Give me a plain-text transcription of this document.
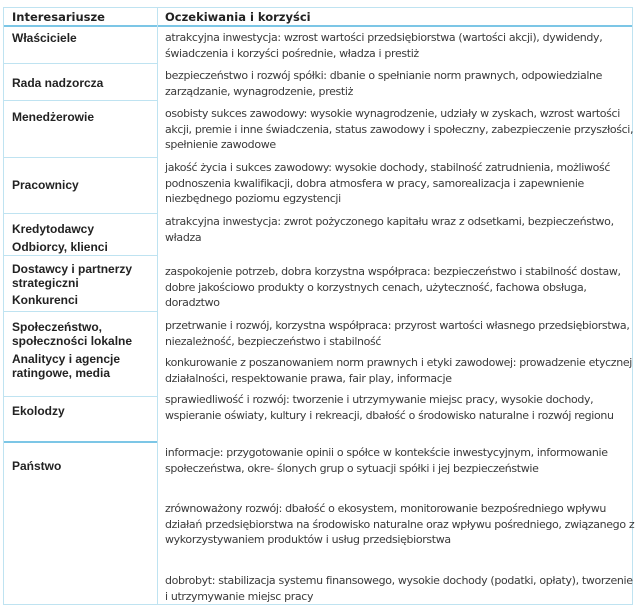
Interesariusze	Oczekiwania i korzyści
Właściciele
Rada nadzorcza
Menedżerowie
Pracownicy
Kredytodawcy
Odbiorcy, klienci
Dostawcy i partnerzy strategiczni
Konkurenci
Społeczeństwo, społeczności lokalne
Analitycy i agencje ratingowe, media
Ekolodzy
Państwo
atrakcyjna inwestycja: wzrost wartości przedsiębiorstwa (wartości akcji), dywidendy, świadczenia i korzyści pośrednie, władza i prestiż
bezpieczeństwo i rozwój spółki: dbanie o spełnianie norm prawnych, odpowiedzialne zarządzanie, wynagrodzenie, prestiż
osobisty sukces zawodowy: wysokie wynagrodzenie, udziały w zyskach, wzrost wartości akcji, premie i inne świadczenia, status zawodowy i społeczny, zabezpieczenie przyszłości, spełnienie zawodowe
jakość życia i sukces zawodowy: wysokie dochody, stabilność zatrudnienia, możliwość podnoszenia kwalifikacji, dobra atmosfera w pracy, samorealizacja i zapewnienie niezbędnego poziomu egzystencji
atrakcyjna inwestycja: zwrot pożyczonego kapitału wraz z odsetkami, bezpieczeństwo, władza
zaspokojenie potrzeb, dobra korzystna współpraca: bezpieczeństwo i stabilność dostaw, dobre jakościowo produkty o korzystnych cenach, użyteczność, fachowa obsługa, doradztwo
przetrwanie i rozwój, korzystna współpraca: przyrost wartości własnego przedsiębiorstwa, niezależność, bezpieczeństwo i stabilność
konkurowanie z poszanowaniem norm prawnych i etyki zawodowej: prowadzenie etycznej działalności, respektowanie prawa, fair play, informacje
sprawiedliwość i rozwój: tworzenie i utrzymywanie miejsc pracy, wysokie dochody, wspieranie oświaty, kultury i rekreacji, dbałość o środowisko naturalne i rozwój regionu
informacje: przygotowanie opinii o spółce w kontekście inwestycyjnym, informowanie społeczeństwa, okre- ślonych grup o sytuacji spółki i jej bezpieczeństwie
zrównoważony rozwój: dbałość o ekosystem, monitorowanie bezpośredniego wpływu działań przedsiębiorstwa na środowisko naturalne oraz wpływu pośredniego, związanego z wykorzystywaniem produktów i usług przedsiębiorstwa
dobrobyt: stabilizacja systemu finansowego, wysokie dochody (podatki, opłaty), tworzenie i utrzymywanie miejsc pracy
